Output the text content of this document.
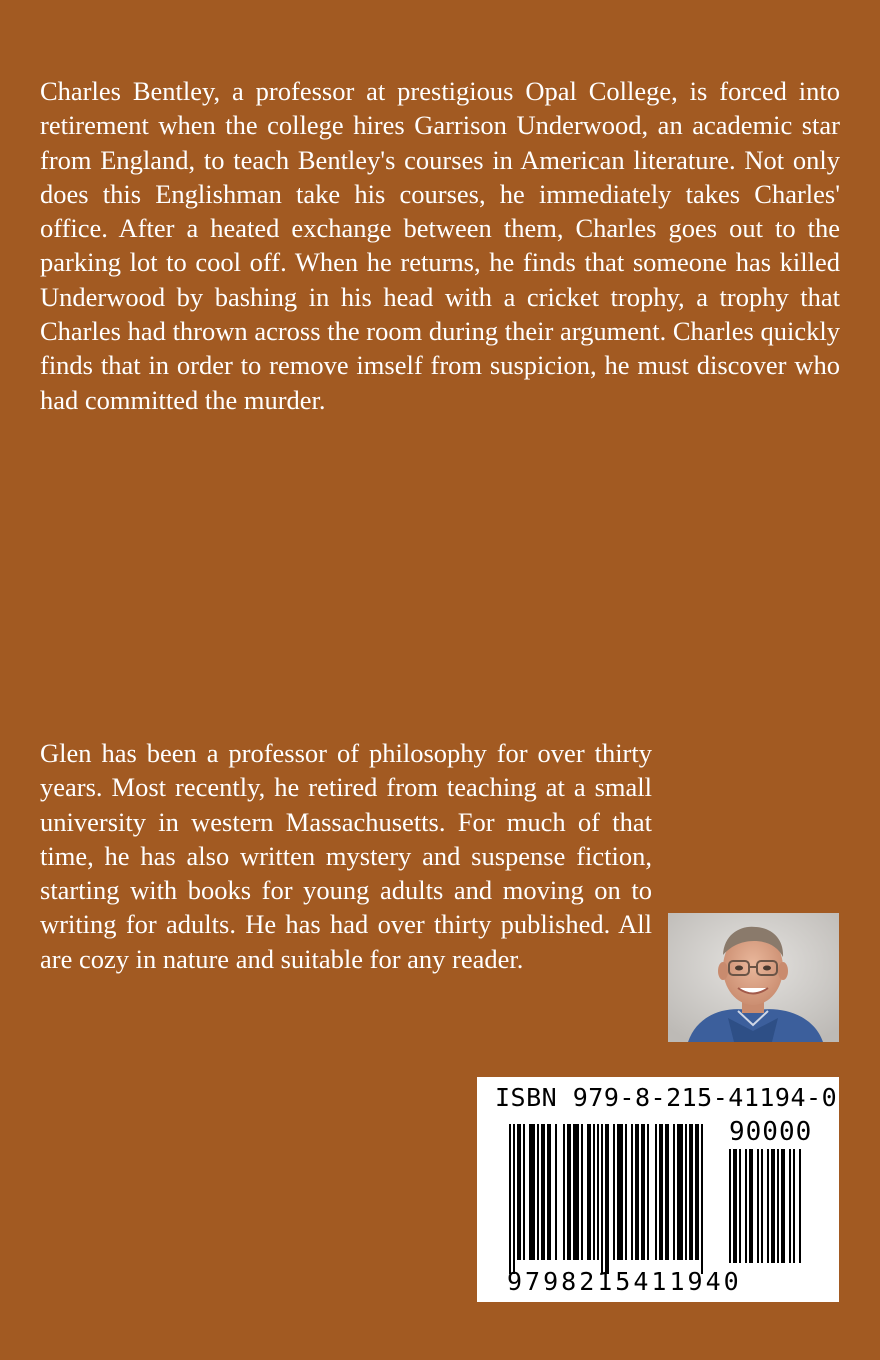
Charles Bentley, a professor at prestigious Opal College, is forced into retirement when the college hires Garrison Underwood, an academic star from England, to teach Bentley's courses in American literature. Not only does this Englishman take his courses, he immediately takes Charles' office. After a heated exchange between them, Charles goes out to the parking lot to cool off. When he returns, he finds that someone has killed Underwood by bashing in his head with a cricket trophy, a trophy that Charles had thrown across the room during their argument. Charles quickly finds that in order to remove imself from suspicion, he must discover who had committed the murder.

Glen has been a professor of philosophy for over thirty years. Most recently, he retired from teaching at a small university in western Massachusetts. For much of that time, he has also written mystery and suspense fiction, starting with books for young adults and moving on to writing for adults. He has had over thirty published. All are cozy in nature and suitable for any reader.

ISBN 979-8-215-41194-0
90000
9798215411940
